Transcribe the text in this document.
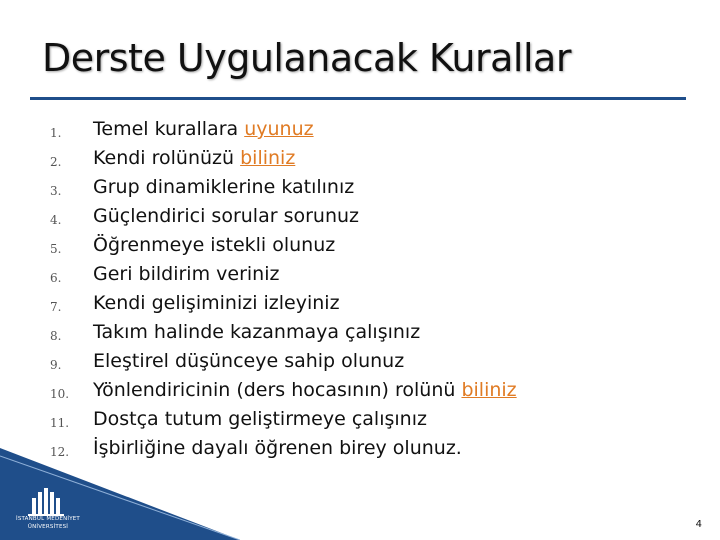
Derste Uygulanacak Kurallar
1. Temel kurallara uyunuz
2. Kendi rolünüzü biliniz
3. Grup dinamiklerine katılınız
4. Güçlendirici sorular sorunuz
5. Öğrenmeye istekli olunuz
6. Geri bildirim veriniz
7. Kendi gelişiminizi izleyiniz
8. Takım halinde kazanmaya çalışınız
9. Eleştirel düşünceye sahip olunuz
10. Yönlendiricinin (ders hocasının) rolünü biliniz
11. Dostça tutum geliştirmeye çalışınız
12. İşbirliğine dayalı öğrenen birey olunuz.
İSTANBUL MEDENİYET
ÜNİVERSİTESİ	4
